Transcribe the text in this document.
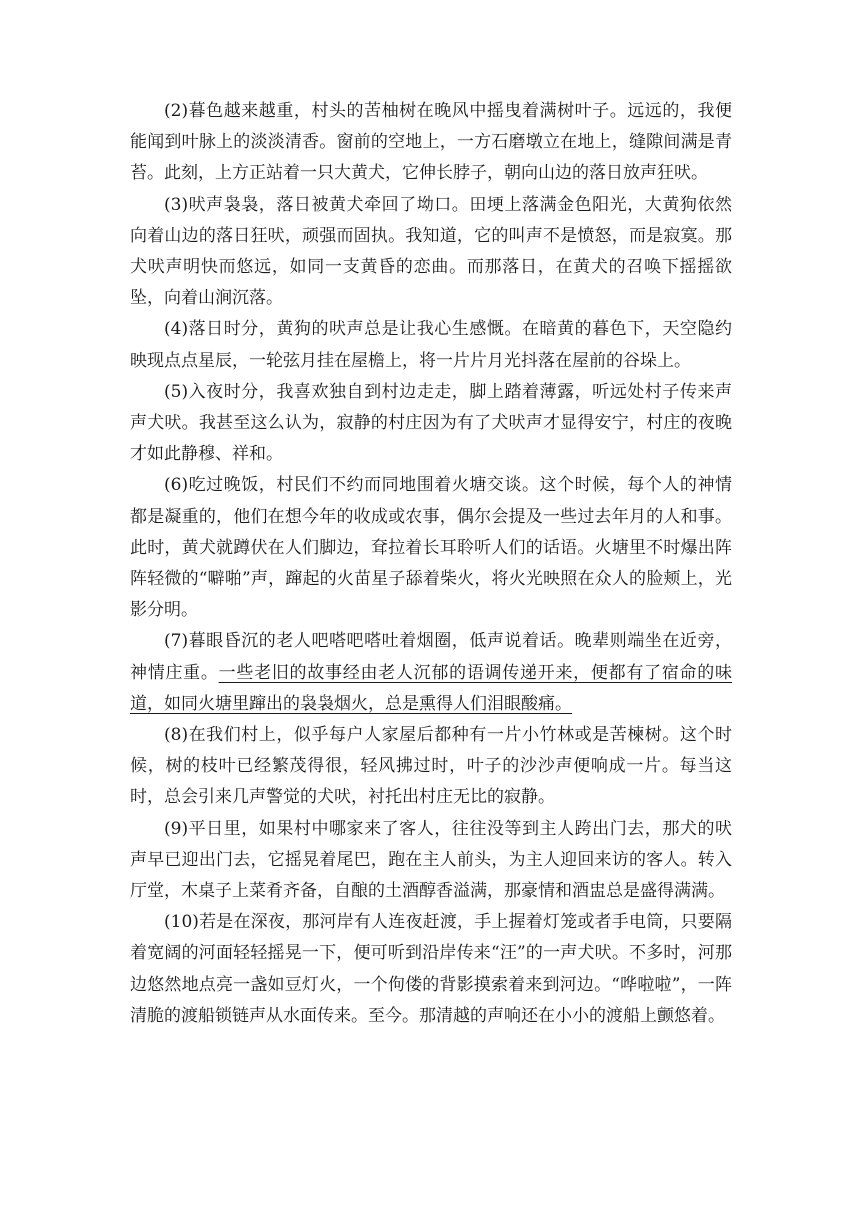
(2)暮色越来越重，村头的苦柚树在晚风中摇曳着满树叶子。远远的，我便能闻到叶脉上的淡淡清香。窗前的空地上，一方石磨墩立在地上，缝隙间满是青苔。此刻，上方正站着一只大黄犬，它伸长脖子，朝向山边的落日放声狂吠。

(3)吠声袅袅，落日被黄犬牵回了坳口。田埂上落满金色阳光，大黄狗依然向着山边的落日狂吠，顽强而固执。我知道，它的叫声不是愤怒，而是寂寞。那犬吠声明快而悠远，如同一支黄昏的恋曲。而那落日，在黄犬的召唤下摇摇欲坠，向着山涧沉落。

(4)落日时分，黄狗的吠声总是让我心生感慨。在暗黄的暮色下，天空隐约映现点点星辰，一轮弦月挂在屋檐上，将一片片月光抖落在屋前的谷垛上。

(5)入夜时分，我喜欢独自到村边走走，脚上踏着薄露，听远处村子传来声声犬吠。我甚至这么认为，寂静的村庄因为有了犬吠声才显得安宁，村庄的夜晚才如此静穆、祥和。

(6)吃过晚饭，村民们不约而同地围着火塘交谈。这个时候，每个人的神情都是凝重的，他们在想今年的收成或农事，偶尔会提及一些过去年月的人和事。此时，黄犬就蹲伏在人们脚边，耷拉着长耳聆听人们的话语。火塘里不时爆出阵阵轻微的“噼啪”声，蹿起的火苗星子舔着柴火，将火光映照在众人的脸颊上，光影分明。

(7)暮眼昏沉的老人吧嗒吧嗒吐着烟圈，低声说着话。晚辈则端坐在近旁，神情庄重。一些老旧的故事经由老人沉郁的语调传递开来，便都有了宿命的味道，如同火塘里蹿出的袅袅烟火，总是熏得人们泪眼酸痛。

(8)在我们村上，似乎每户人家屋后都种有一片小竹林或是苦楝树。这个时候，树的枝叶已经繁茂得很，轻风拂过时，叶子的沙沙声便响成一片。每当这时，总会引来几声警觉的犬吠，衬托出村庄无比的寂静。

(9)平日里，如果村中哪家来了客人，往往没等到主人跨出门去，那犬的吠声早已迎出门去，它摇晃着尾巴，跑在主人前头，为主人迎回来访的客人。转入厅堂，木桌子上菜肴齐备，自酿的土酒醇香溢满，那豪情和酒盅总是盛得满满。

(10)若是在深夜，那河岸有人连夜赶渡，手上握着灯笼或者手电筒，只要隔着宽阔的河面轻轻摇晃一下，便可听到沿岸传来“汪”的一声犬吠。不多时，河那边悠然地点亮一盏如豆灯火，一个佝偻的背影摸索着来到河边。“哗啦啦”，一阵清脆的渡船锁链声从水面传来。至今。那清越的声响还在小小的渡船上颤悠着。
